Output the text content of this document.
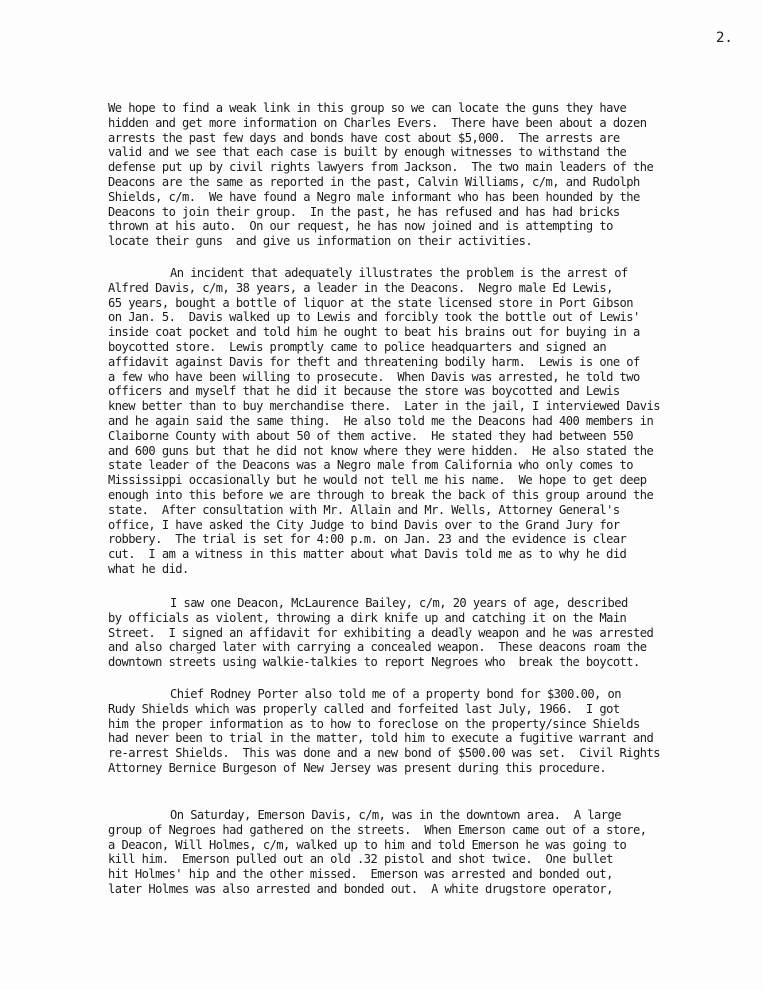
2.
We hope to find a weak link in this group so we can locate the guns they have
hidden and get more information on Charles Evers.  There have been about a dozen
arrests the past few days and bonds have cost about $5,000.  The arrests are
valid and we see that each case is built by enough witnesses to withstand the
defense put up by civil rights lawyers from Jackson.  The two main leaders of the
Deacons are the same as reported in the past, Calvin Williams, c/m, and Rudolph
Shields, c/m.  We have found a Negro male informant who has been hounded by the
Deacons to join their group.  In the past, he has refused and has had bricks
thrown at his auto.  On our request, he has now joined and is attempting to
locate their guns  and give us information on their activities.
An incident that adequately illustrates the problem is the arrest of
Alfred Davis, c/m, 38 years, a leader in the Deacons.  Negro male Ed Lewis,
65 years, bought a bottle of liquor at the state licensed store in Port Gibson
on Jan. 5.  Davis walked up to Lewis and forcibly took the bottle out of Lewis'
inside coat pocket and told him he ought to beat his brains out for buying in a
boycotted store.  Lewis promptly came to police headquarters and signed an
affidavit against Davis for theft and threatening bodily harm.  Lewis is one of
a few who have been willing to prosecute.  When Davis was arrested, he told two
officers and myself that he did it because the store was boycotted and Lewis
knew better than to buy merchandise there.  Later in the jail, I interviewed Davis
and he again said the same thing.  He also told me the Deacons had 400 members in
Claiborne County with about 50 of them active.  He stated they had between 550
and 600 guns but that he did not know where they were hidden.  He also stated the
state leader of the Deacons was a Negro male from California who only comes to
Mississippi occasionally but he would not tell me his name.  We hope to get deep
enough into this before we are through to break the back of this group around the
state.  After consultation with Mr. Allain and Mr. Wells, Attorney General's
office, I have asked the City Judge to bind Davis over to the Grand Jury for
robbery.  The trial is set for 4:00 p.m. on Jan. 23 and the evidence is clear
cut.  I am a witness in this matter about what Davis told me as to why he did
what he did.
I saw one Deacon, McLaurence Bailey, c/m, 20 years of age, described
by officials as violent, throwing a dirk knife up and catching it on the Main
Street.  I signed an affidavit for exhibiting a deadly weapon and he was arrested
and also charged later with carrying a concealed weapon.  These deacons roam the
downtown streets using walkie-talkies to report Negroes who  break the boycott.
Chief Rodney Porter also told me of a property bond for $300.00, on
Rudy Shields which was properly called and forfeited last July, 1966.  I got
him the proper information as to how to foreclose on the property/since Shields
had never been to trial in the matter, told him to execute a fugitive warrant and
re-arrest Shields.  This was done and a new bond of $500.00 was set.  Civil Rights
Attorney Bernice Burgeson of New Jersey was present during this procedure.
On Saturday, Emerson Davis, c/m, was in the downtown area.  A large
group of Negroes had gathered on the streets.  When Emerson came out of a store,
a Deacon, Will Holmes, c/m, walked up to him and told Emerson he was going to
kill him.  Emerson pulled out an old .32 pistol and shot twice.  One bullet
hit Holmes' hip and the other missed.  Emerson was arrested and bonded out,
later Holmes was also arrested and bonded out.  A white drugstore operator,
